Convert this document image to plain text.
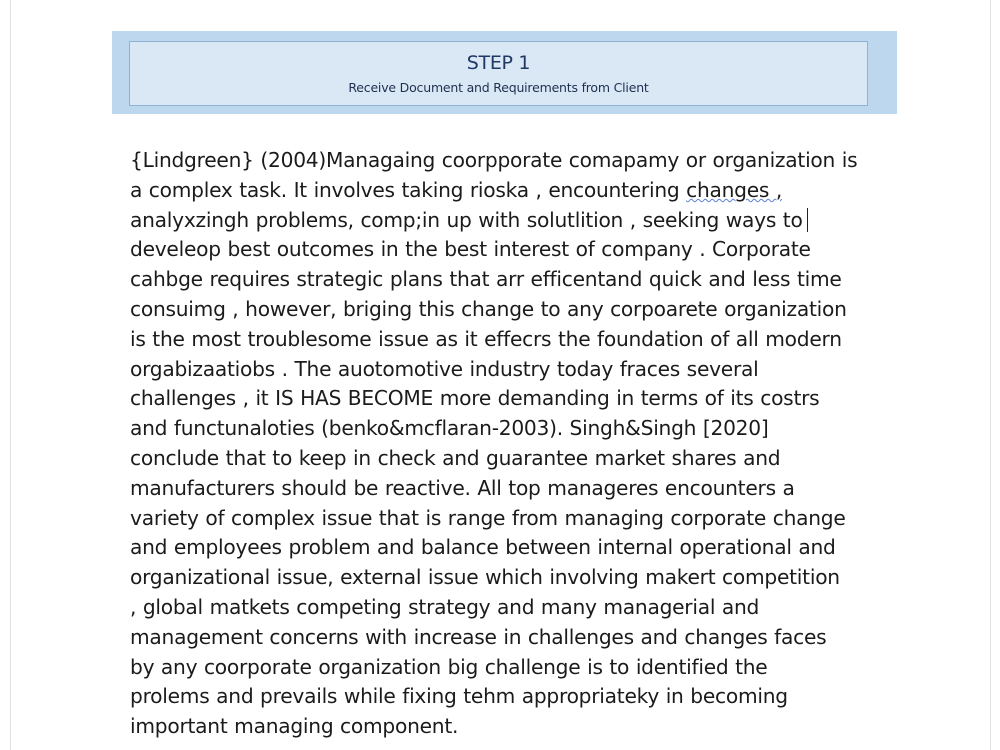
STEP 1
Receive Document and Requirements from Client

{Lindgreen} (2004)Managaing coorpporate comapamy or organization is
a complex task. It involves taking rioska , encountering changes ,
analyxzingh problems, comp;in up with solutlition , seeking ways to
develeop best outcomes in the best interest of company . Corporate
cahbge requires strategic plans that arr efficentand quick and less time
consuimg , however, briging this change to any corpoarete organization
is the most troublesome issue as it effecrs the foundation of all modern
orgabizaatiobs . The auotomotive industry today fraces several
challenges , it IS HAS BECOME more demanding in terms of its costrs
and functunaloties (benko&mcflaran-2003). Singh&Singh [2020]
conclude that to keep in check and guarantee market shares and
manufacturers should be reactive. All top manageres encounters a
variety of complex issue that is range from managing corporate change
and employees problem and balance between internal operational and
organizational issue, external issue which involving makert competition
, global matkets competing strategy and many managerial and
management concerns with increase in challenges and changes faces
by any coorporate organization big challenge is to identified the
prolems and prevails while fixing tehm appropriateky in becoming
important managing component.
